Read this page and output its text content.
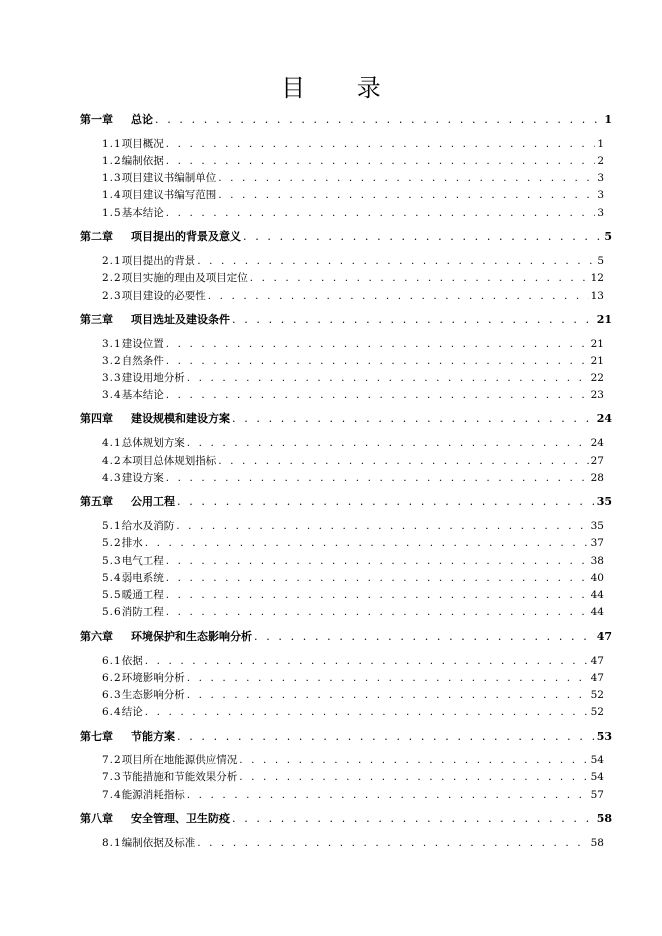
目 录
第一章 总论 . . .	1
1.1 项目概况 . . .	1
1.2 编制依据 . . .	2
1.3 项目建议书编制单位 . . .	3
1.4 项目建议书编写范围 . . .	3
1.5 基本结论 . . .	3
第二章 项目提出的背景及意义 . . .	5
2.1 项目提出的背景 . . .	5
2.2 项目实施的理由及项目定位 . . .	12
2.3 项目建设的必要性 . . .	13
第三章 项目选址及建设条件 . . .	21
3.1 建设位置 . . .	21
3.2 自然条件 . . .	21
3.3 建设用地分析 . . .	22
3.4 基本结论 . . .	23
第四章 建设规模和建设方案 . . .	24
4.1 总体规划方案 . . .	24
4.2 本项目总体规划指标 . . .	27
4.3 建设方案 . . .	28
第五章 公用工程 . . .	35
5.1 给水及消防 . . .	35
5.2 排水 . . .	37
5.3 电气工程 . . .	38
5.4 弱电系统 . . .	40
5.5 暖通工程 . . .	44
5.6 消防工程 . . .	44
第六章 环境保护和生态影响分析 . . .	47
6.1 依据 . . .	47
6.2 环境影响分析 . . .	47
6.3 生态影响分析 . . .	52
6.4 结论 . . .	52
第七章 节能方案 . . .	53
7.2 项目所在地能源供应情况 . . .	54
7.3 节能措施和节能效果分析 . . .	54
7.4 能源消耗指标 . . .	57
第八章 安全管理、卫生防疫 . . .	58
8.1 编制依据及标准 . . .	58
